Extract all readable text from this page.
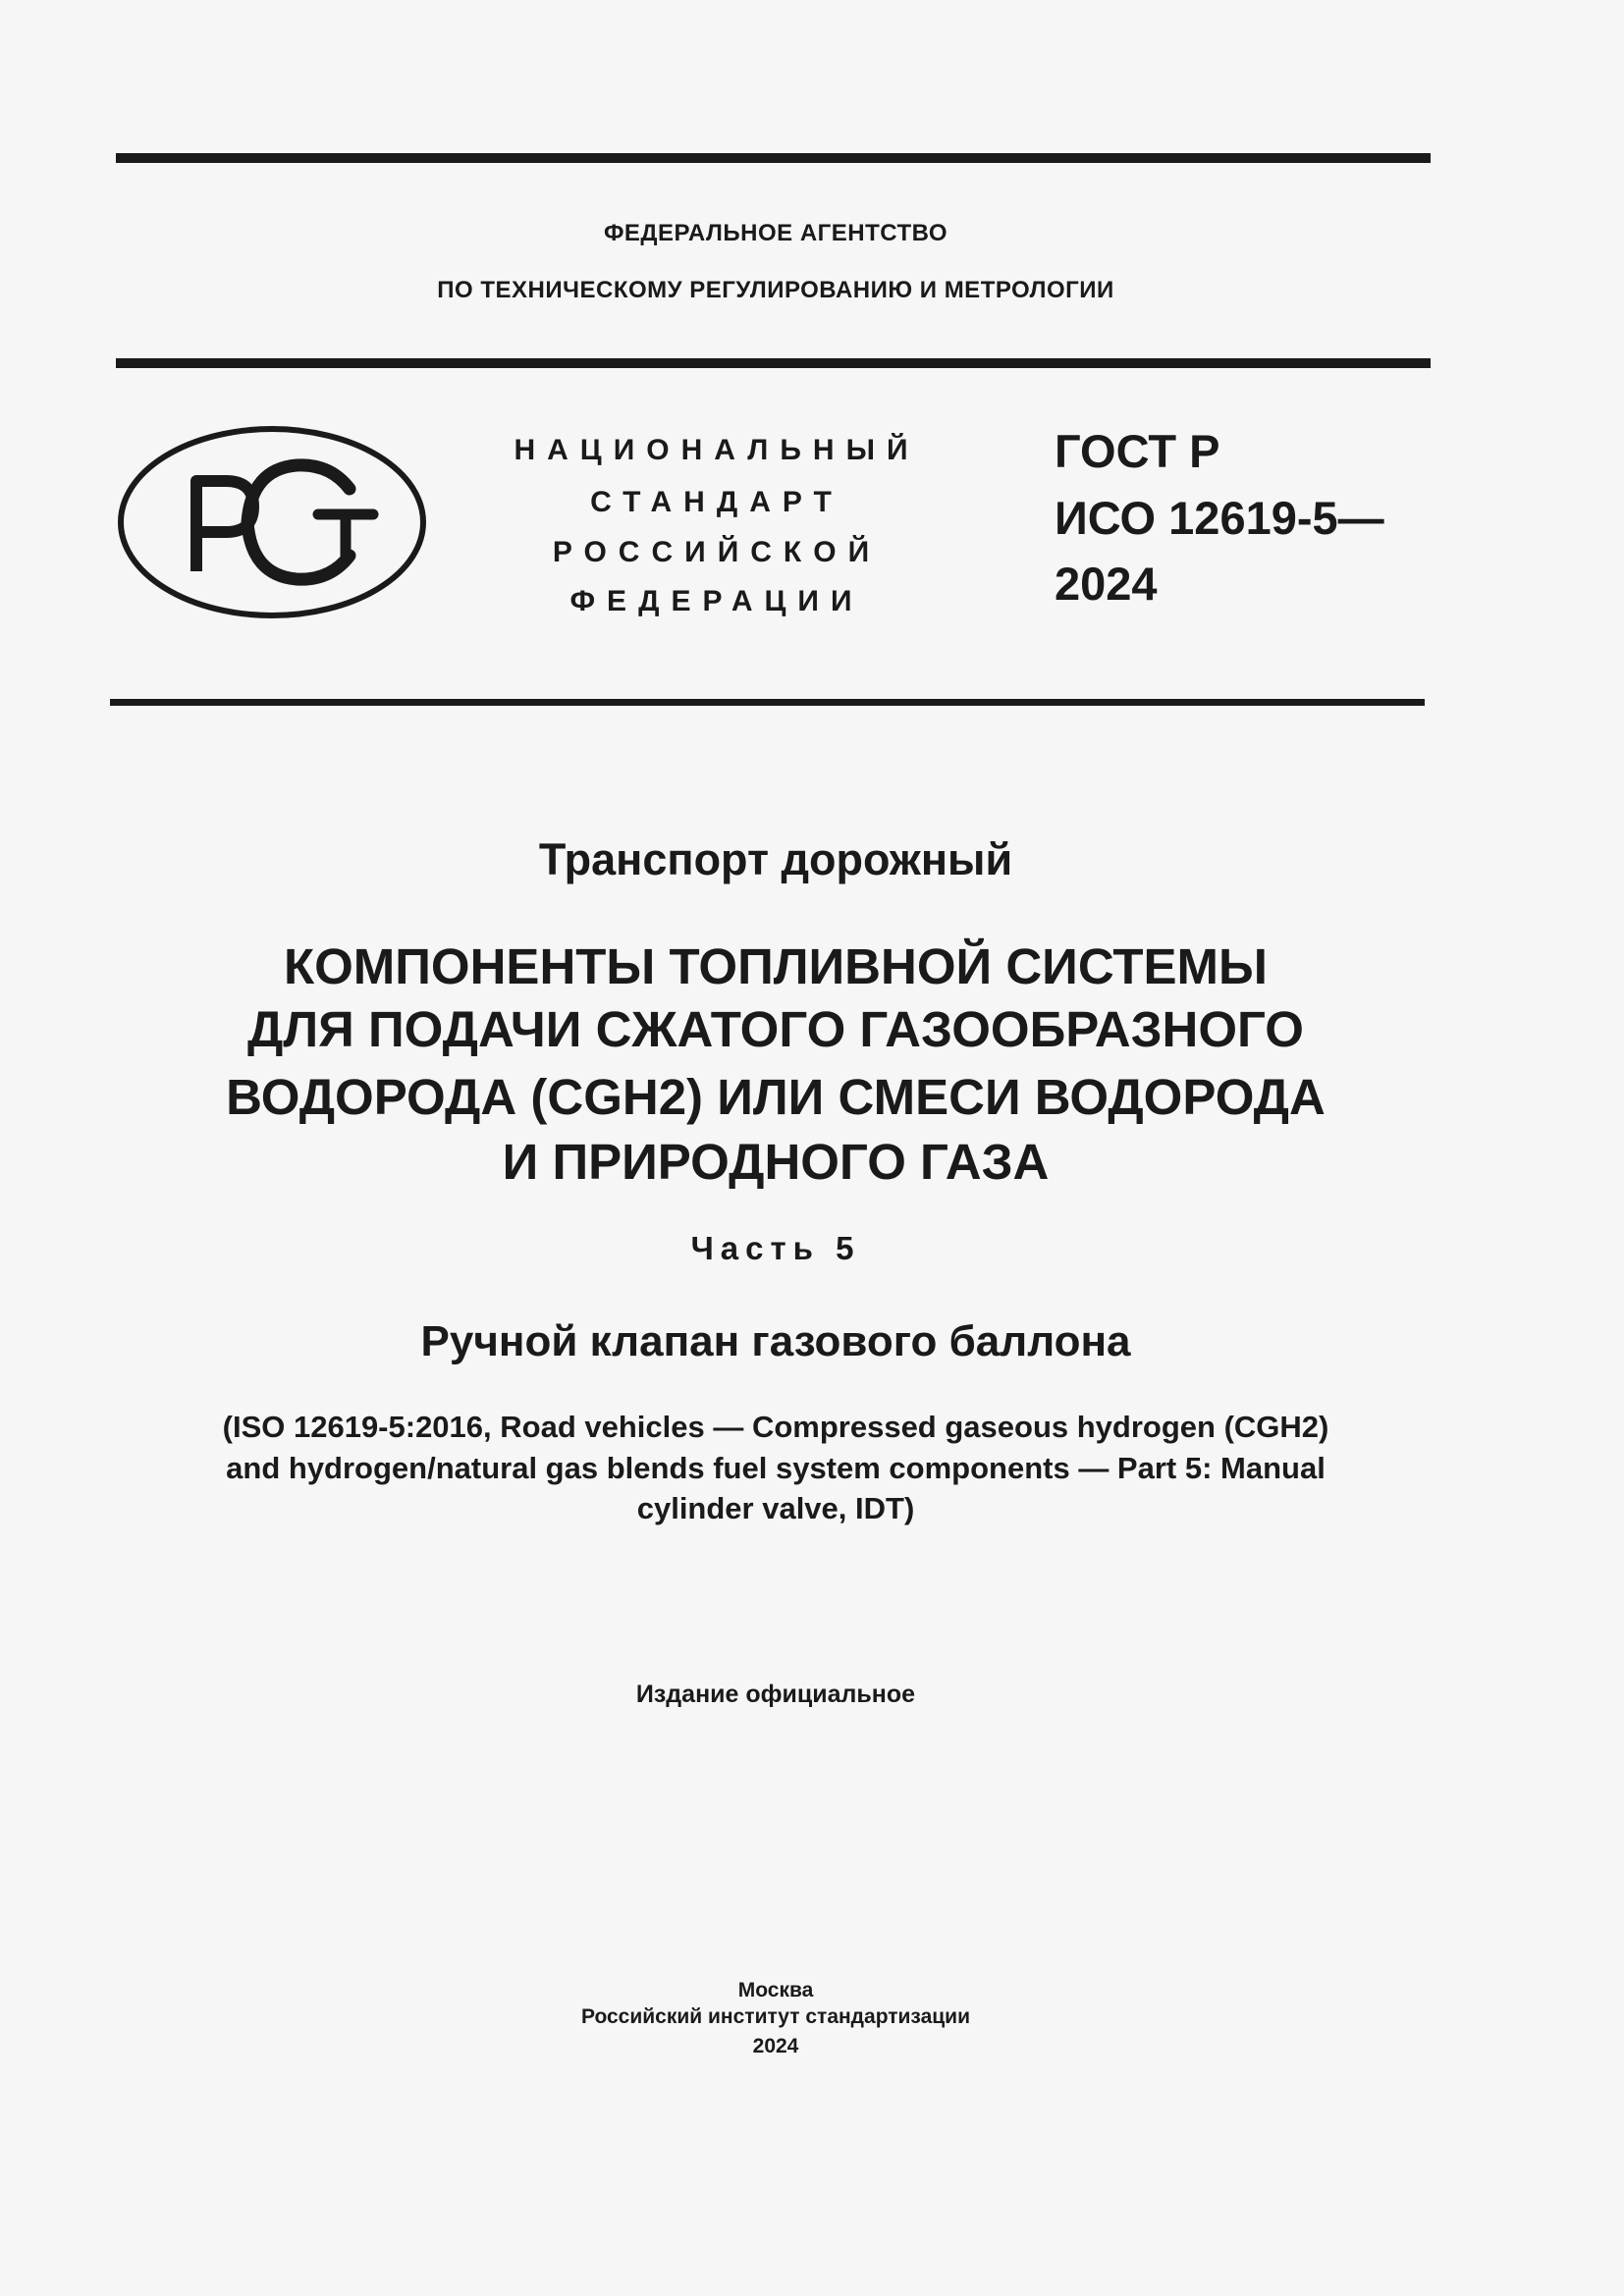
ФЕДЕРАЛЬНОЕ АГЕНТСТВО
ПО ТЕХНИЧЕСКОМУ РЕГУЛИРОВАНИЮ И МЕТРОЛОГИИ
НАЦИОНАЛЬНЫЙ
СТАНДАРТ
РОССИЙСКОЙ
ФЕДЕРАЦИИ
ГОСТ Р
ИСО 12619-5—
2024
Транспорт дорожный
КОМПОНЕНТЫ ТОПЛИВНОЙ СИСТЕМЫ
ДЛЯ ПОДАЧИ СЖАТОГО ГАЗООБРАЗНОГО
ВОДОРОДА (CGH2) ИЛИ СМЕСИ ВОДОРОДА
И ПРИРОДНОГО ГАЗА
Часть 5
Ручной клапан газового баллона
(ISO 12619-5:2016, Road vehicles — Compressed gaseous hydrogen (CGH2)
and hydrogen/natural gas blends fuel system components — Part 5: Manual
cylinder valve, IDT)
Издание официальное
Москва
Российский институт стандартизации
2024
